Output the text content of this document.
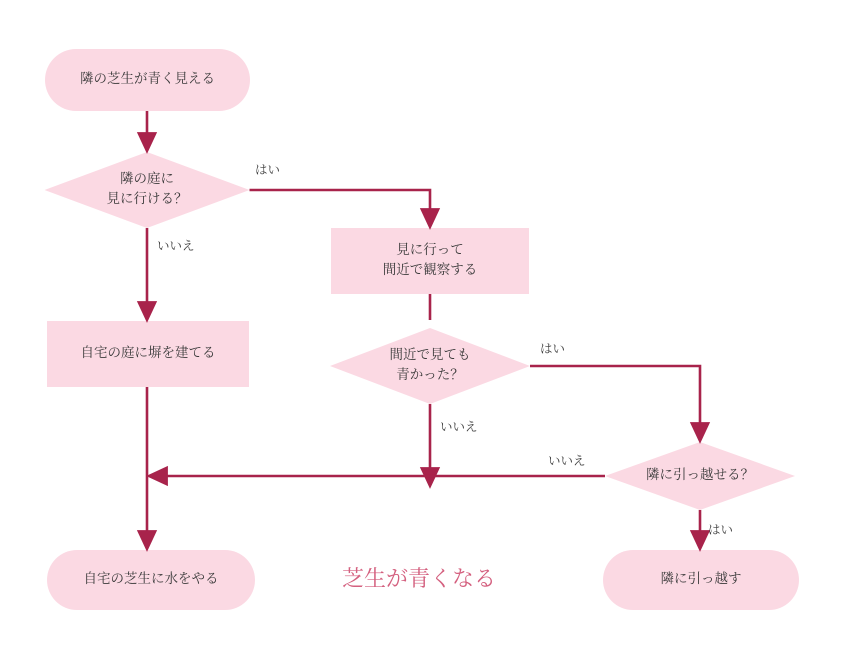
隣の芝生が青く見える
隣の庭に
見に行ける？
見に行って
間近で観察する
間近で見ても
青かった？
自宅の庭に塀を建てる
隣に引っ越せる？
自宅の芝生に水をやる	隣に引っ越す
はい
いいえ
はい
いいえ
いいえ
はい
芝生が青くなる
